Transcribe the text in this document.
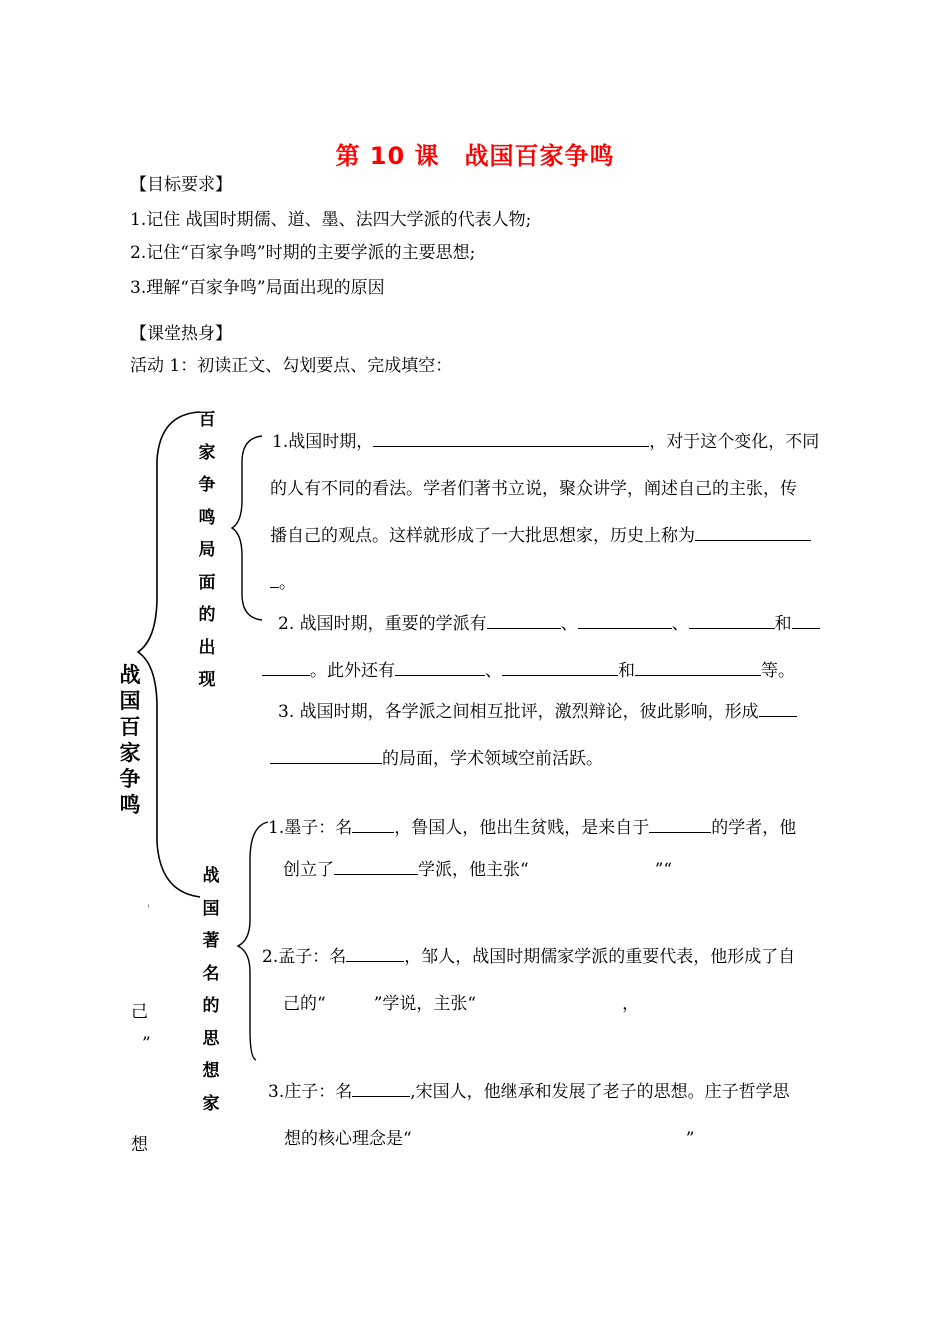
第 10 课　战国百家争鸣
【目标要求】
1.记住 战国时期儒、道、墨、法四大学派的代表人物;
2.记住“百家争鸣”时期的主要学派的主要思想;
3.理解“百家争鸣”局面出现的原因
【课堂热身】
活动 1：初读正文、勾划要点、完成填空：
战
国
百
家
争
鸣
百
家
争
鸣
局
面
的
出
现
战
国
著
名
的
思
想
家
1.战国时期，	，对于这个变化，不同
的人有不同的看法。学者们著书立说，聚众讲学，阐述自己的主张，传
播自己的观点。这样就形成了一大批思想家，历史上称为
。
2. 战国时期，重要的学派有	、	、	和
。此外还有	、	和	等。
3. 战国时期，各学派之间相互批评，激烈辩论，彼此影响，形成
的局面，学术领域空前活跃。
1.墨子：名 ，鲁国人，他出生贫贱，是来自于	的学者，他
创立了	学派，他主张“	”“
2.孟子：名	，邹人，战国时期儒家学派的重要代表，他形成了自
己的“	”学说，主张“	，
3.庄子：名	,宋国人，他继承和发展了老子的思想。庄子哲学思
想的核心理念是“	”
己
”
想
'
